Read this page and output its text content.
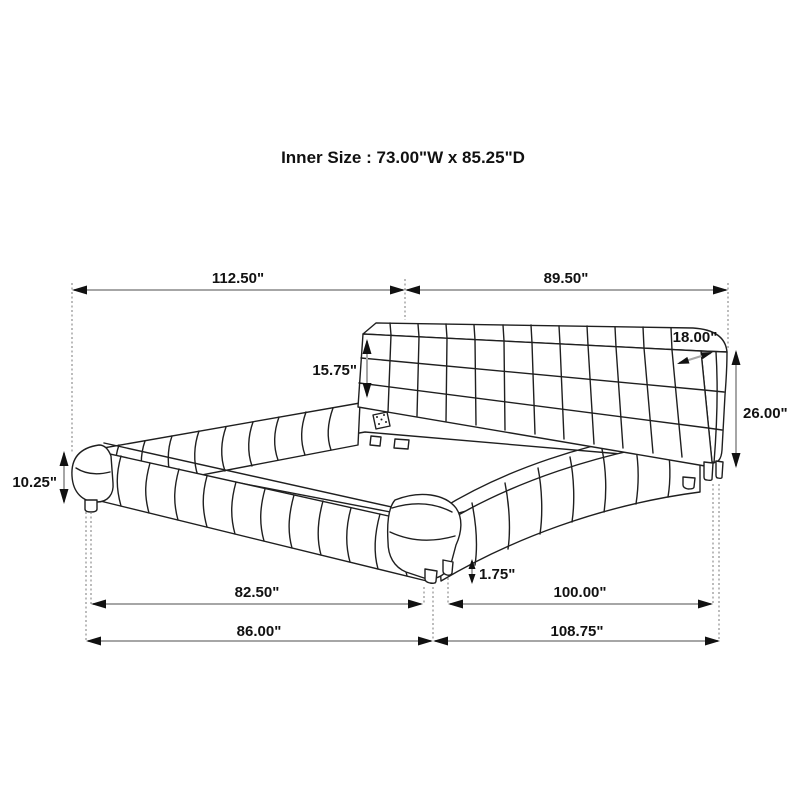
112.50"	89.50"
18.00"
15.75"
26.00"
10.25"
1.75"
82.50"	100.00"
86.00"	108.75"
Inner Size : 73.00"W x 85.25"D
